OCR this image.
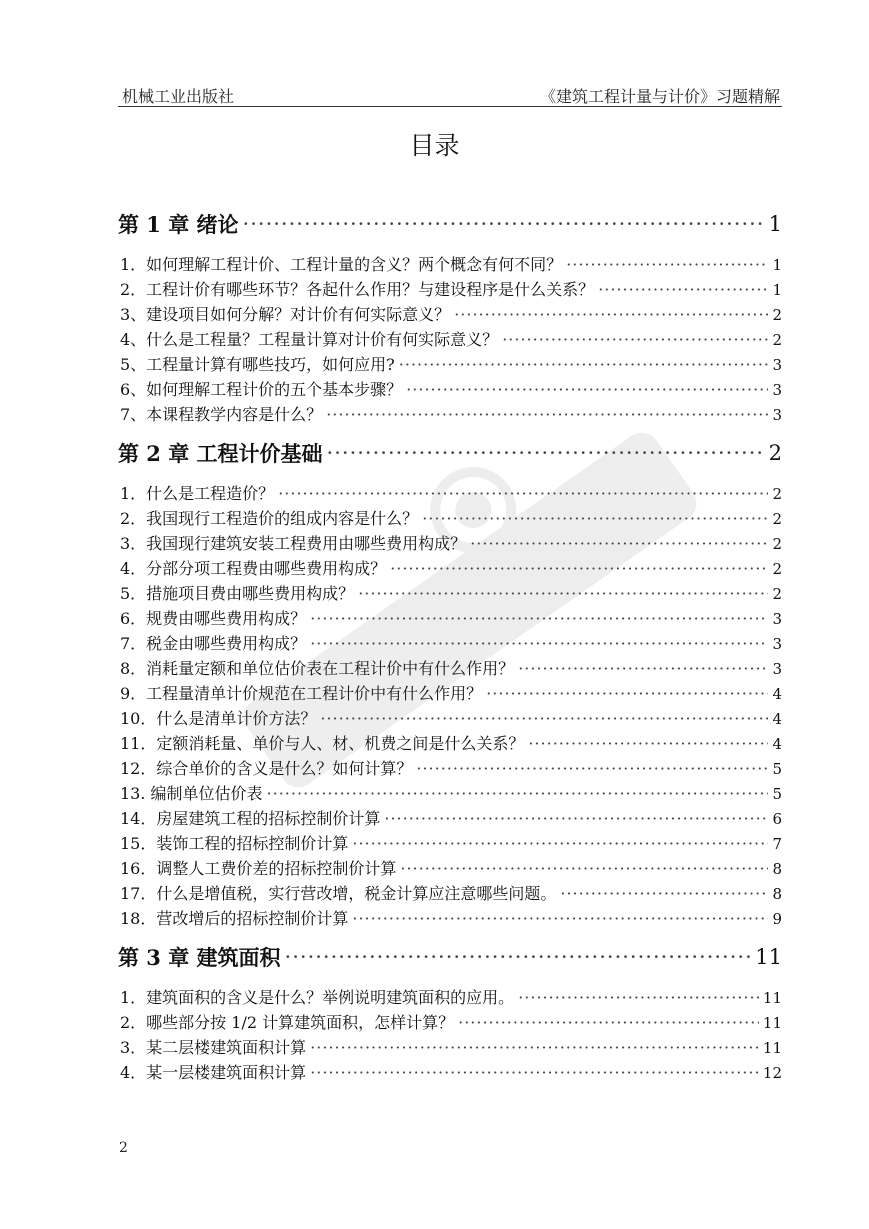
机械工业出版社	《建筑工程计量与计价》习题精解
目录
第 1 章 绪论 ·····	1
1．如何理解工程计价、工程计量的含义？两个概念有何不同？ ·····	1
2．工程计价有哪些环节？各起什么作用？与建设程序是什么关系？ ·····	1
3、建设项目如何分解？对计价有何实际意义？ ·····	2
4、什么是工程量？工程量计算对计价有何实际意义？ ·····	2
5、工程量计算有哪些技巧，如何应用? ·····	3
6、如何理解工程计价的五个基本步骤？ ·····	3
7、本课程教学内容是什么？ ·····	3
第 2 章 工程计价基础 ·····	2
1．什么是工程造价？ ·····	2
2．我国现行工程造价的组成内容是什么？ ·····	2
3．我国现行建筑安装工程费用由哪些费用构成？ ·····	2
4．分部分项工程费由哪些费用构成？ ·····	2
5．措施项目费由哪些费用构成？ ·····	2
6．规费由哪些费用构成？ ·····	3
7．税金由哪些费用构成？ ·····	3
8．消耗量定额和单位估价表在工程计价中有什么作用？ ·····	3
9．工程量清单计价规范在工程计价中有什么作用？ ·····	4
10．什么是清单计价方法？ ·····	4
11．定额消耗量、单价与人、材、机费之间是什么关系？ ·····	4
12．综合单价的含义是什么？如何计算？ ·····	5
13. 编制单位估价表 ·····	5
14．房屋建筑工程的招标控制价计算 ·····	6
15．装饰工程的招标控制价计算 ·····	7
16．调整人工费价差的招标控制价计算 ·····	8
17．什么是增值税，实行营改增，税金计算应注意哪些问题。 ·····	8
18．营改增后的招标控制价计算 ·····	9
第 3 章 建筑面积 ·····	11
1．建筑面积的含义是什么？举例说明建筑面积的应用。 ·····	11
2．哪些部分按 1/2 计算建筑面积，怎样计算？ ·····	11
3．某二层楼建筑面积计算 ·····	11
4．某一层楼建筑面积计算 ·····	12
2
